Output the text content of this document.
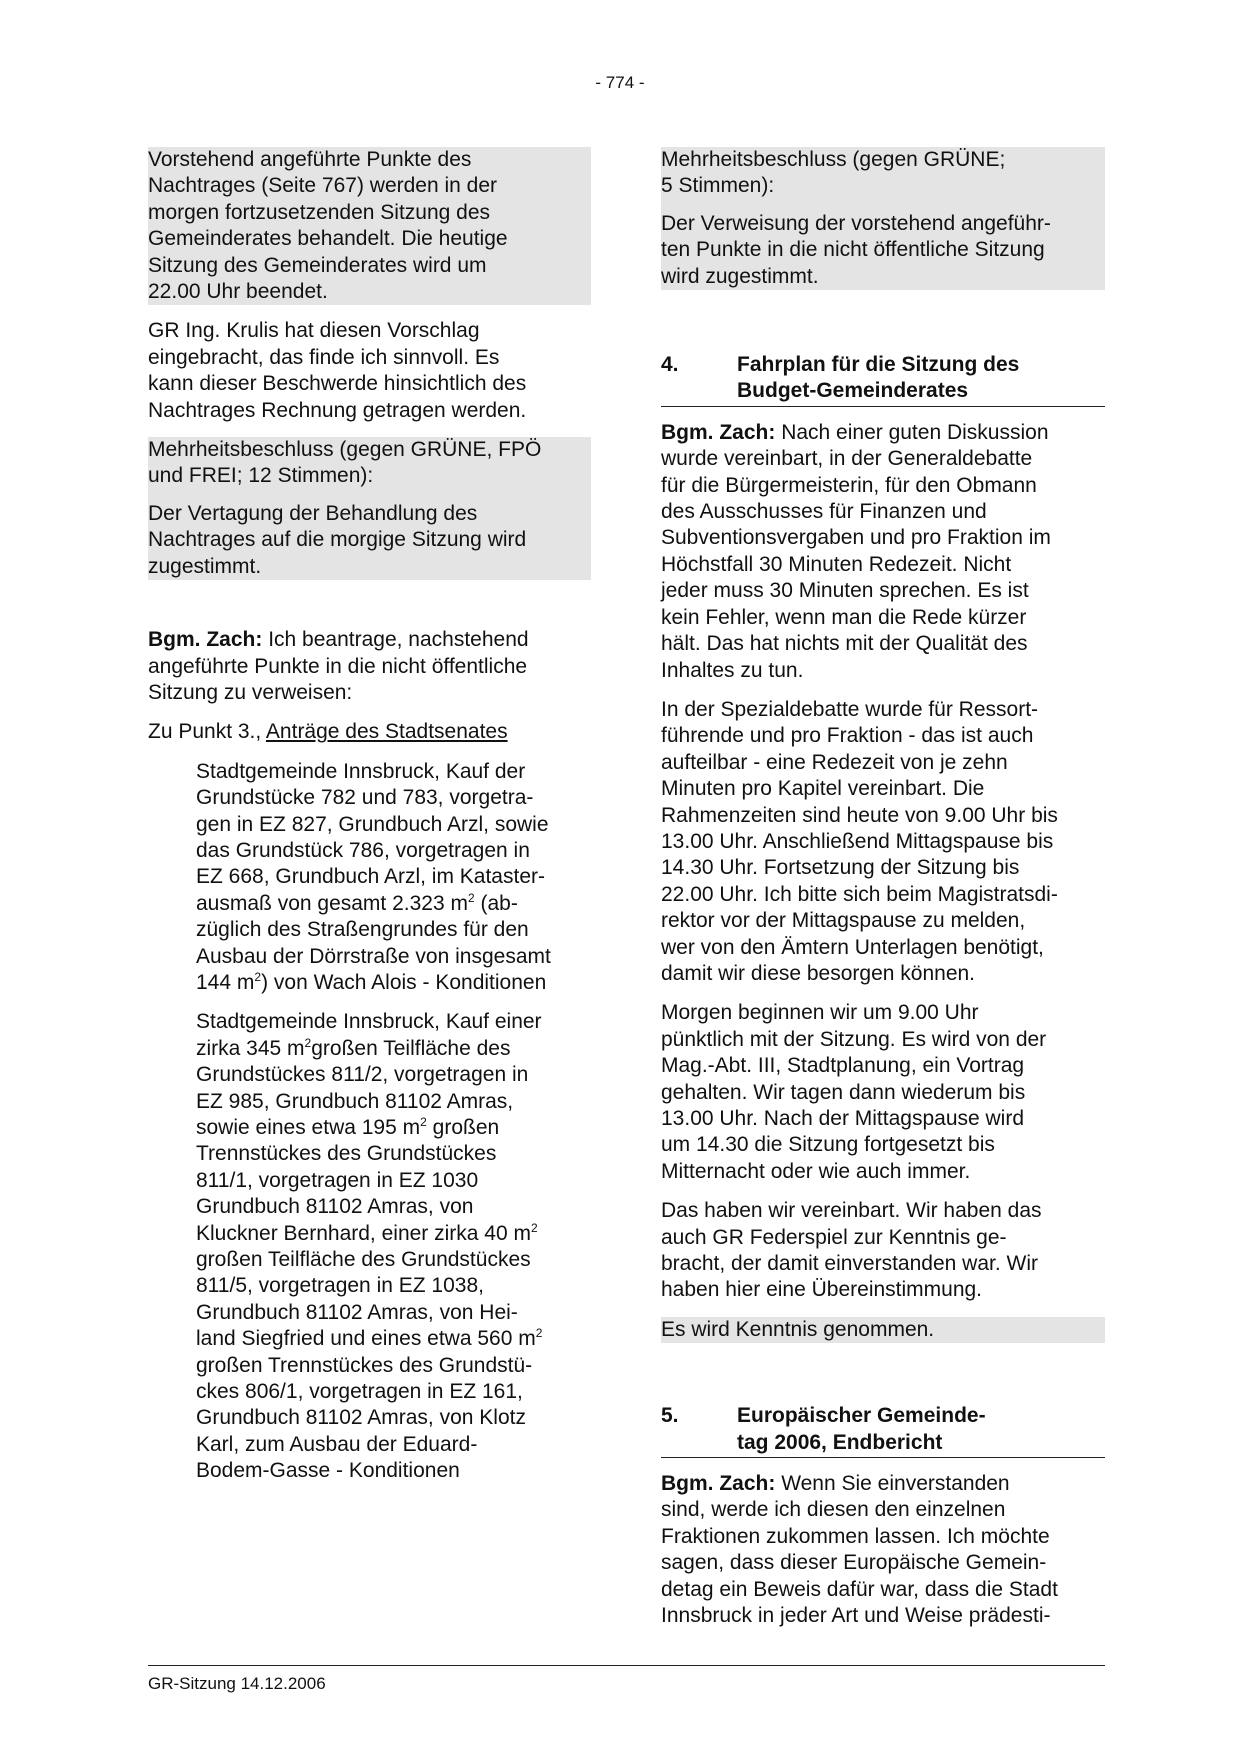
- 774 -
Vorstehend angeführte Punkte des
Nachtrages (Seite 767) werden in der
morgen fortzusetzenden Sitzung des
Gemeinderates behandelt. Die heutige
Sitzung des Gemeinderates wird um
22.00 Uhr beendet.
GR Ing. Krulis hat diesen Vorschlag
eingebracht, das finde ich sinnvoll. Es
kann dieser Beschwerde hinsichtlich des
Nachtrages Rechnung getragen werden.
Mehrheitsbeschluss (gegen GRÜNE, FPÖ
und FREI; 12 Stimmen):
Der Vertagung der Behandlung des
Nachtrages auf die morgige Sitzung wird
zugestimmt.
Bgm. Zach: Ich beantrage, nachstehend
angeführte Punkte in die nicht öffentliche
Sitzung zu verweisen:
Zu Punkt 3., Anträge des Stadtsenates
Stadtgemeinde Innsbruck, Kauf der
Grundstücke 782 und 783, vorgetra-
gen in EZ 827, Grundbuch Arzl, sowie
das Grundstück 786, vorgetragen in
EZ 668, Grundbuch Arzl, im Kataster-
ausmaß von gesamt 2.323 $m^2$ (ab-
züglich des Straßengrundes für den
Ausbau der Dörrstraße von insgesamt
144 $m^2$) von Wach Alois - Konditionen
Stadtgemeinde Innsbruck, Kauf einer
zirka 345 $m^2großen$ Teilfläche des
Grundstückes 811/2, vorgetragen in
EZ 985, Grundbuch 81102 Amras,
sowie eines etwa 195 $m^2$ großen
Trennstückes des Grundstückes
811/1, vorgetragen in EZ 1030
Grundbuch 81102 Amras, von
Kluckner Bernhard, einer zirka 40 $m^2$
großen Teilfläche des Grundstückes
811/5, vorgetragen in EZ 1038,
Grundbuch 81102 Amras, von Hei-
land Siegfried und eines etwa 560 $m^2$
großen Trennstückes des Grundstü-
ckes 806/1, vorgetragen in EZ 161,
Grundbuch 81102 Amras, von Klotz
Karl, zum Ausbau der Eduard-
Bodem-Gasse - Konditionen
Mehrheitsbeschluss (gegen GRÜNE;
5 Stimmen):
Der Verweisung der vorstehend angeführ-
ten Punkte in die nicht öffentliche Sitzung
wird zugestimmt.
4.	Fahrplan für die Sitzung des
Budget-Gemeinderates
Bgm. Zach: Nach einer guten Diskussion
wurde vereinbart, in der Generaldebatte
für die Bürgermeisterin, für den Obmann
des Ausschusses für Finanzen und
Subventionsvergaben und pro Fraktion im
Höchstfall 30 Minuten Redezeit. Nicht
jeder muss 30 Minuten sprechen. Es ist
kein Fehler, wenn man die Rede kürzer
hält. Das hat nichts mit der Qualität des
Inhaltes zu tun.
In der Spezialdebatte wurde für Ressort-
führende und pro Fraktion - das ist auch
aufteilbar - eine Redezeit von je zehn
Minuten pro Kapitel vereinbart. Die
Rahmenzeiten sind heute von 9.00 Uhr bis
13.00 Uhr. Anschließend Mittagspause bis
14.30 Uhr. Fortsetzung der Sitzung bis
22.00 Uhr. Ich bitte sich beim Magistratsdi-
rektor vor der Mittagspause zu melden,
wer von den Ämtern Unterlagen benötigt,
damit wir diese besorgen können.
Morgen beginnen wir um 9.00 Uhr
pünktlich mit der Sitzung. Es wird von der
Mag.-Abt. III, Stadtplanung, ein Vortrag
gehalten. Wir tagen dann wiederum bis
13.00 Uhr. Nach der Mittagspause wird
um 14.30 die Sitzung fortgesetzt bis
Mitternacht oder wie auch immer.
Das haben wir vereinbart. Wir haben das
auch GR Federspiel zur Kenntnis ge-
bracht, der damit einverstanden war. Wir
haben hier eine Übereinstimmung.
Es wird Kenntnis genommen.
5.	Europäischer Gemeinde-
tag 2006, Endbericht
Bgm. Zach: Wenn Sie einverstanden
sind, werde ich diesen den einzelnen
Fraktionen zukommen lassen. Ich möchte
sagen, dass dieser Europäische Gemein-
detag ein Beweis dafür war, dass die Stadt
Innsbruck in jeder Art und Weise prädesti-
GR-Sitzung 14.12.2006
